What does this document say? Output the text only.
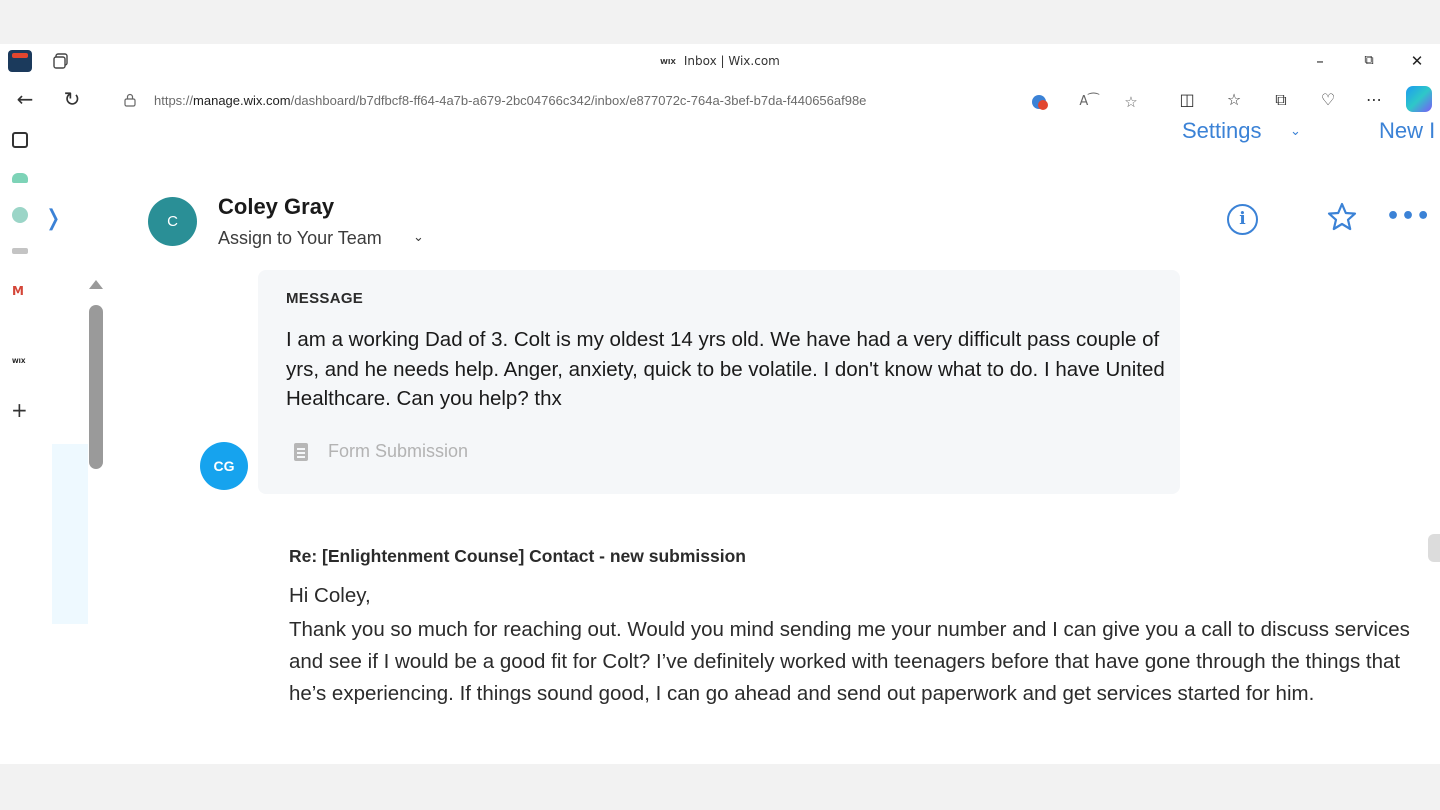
WIX Inbox | Wix.com	–	⧉	✕
← ↻	https://manage.wix.com/dashboard/b7dfbcf8-ff64-4a7b-a679-2bc04766c342/inbox/e877072c-764a-3bef-b7da-f440656af98e	A⁀ ☆	◫	☆	⧉	♡	⋯
M
WIX
+
❭
Settings ⌄	New I
C
Coley Gray
Assign to Your Team ⌄
i	•••
MESSAGE
I am a working Dad of 3. Colt is my oldest 14 yrs old. We have had a very difficult pass couple of yrs, and he needs help. Anger, anxiety, quick to be volatile. I don't know what to do. I have United Healthcare. Can you help? thx
Form Submission
CG
Re: [Enlightenment Counse] Contact - new submission
Hi Coley,
Thank you so much for reaching out. Would you mind sending me your number and I can give you a call to discuss services and see if I would be a good fit for Colt? I’ve definitely worked with teenagers before that have gone through the things that he’s experiencing. If things sound good, I can go ahead and send out paperwork and get services started for him.
